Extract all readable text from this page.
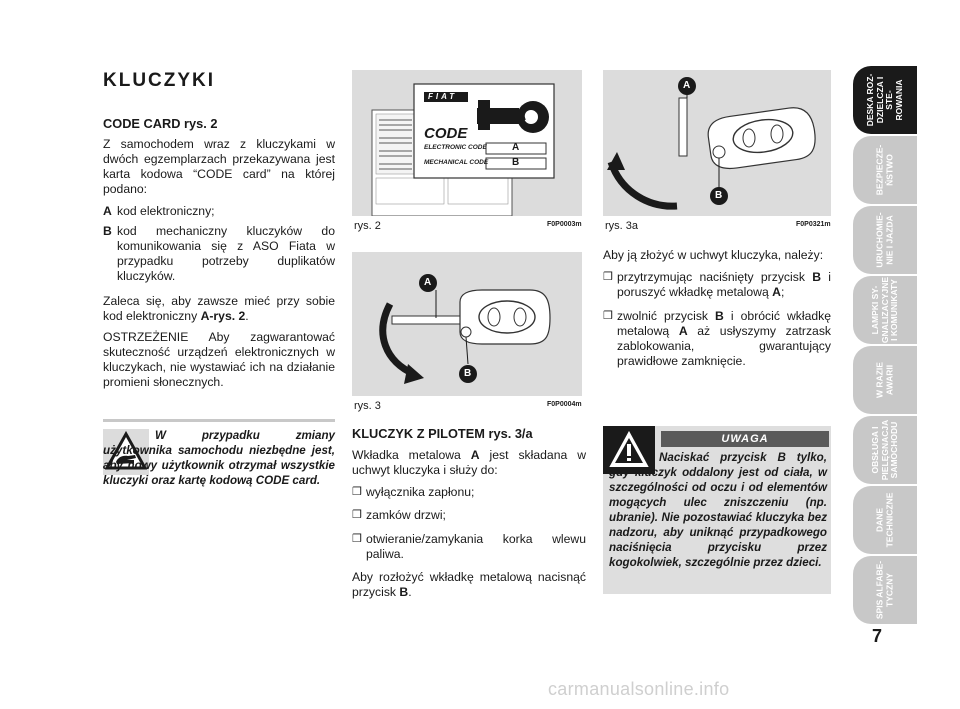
KLUCZYKI
CODE CARD rys. 2
Z samochodem wraz z kluczykami w dwóch egzemplarzach przekazywana jest karta kodowa “CODE card” na której podano:
A kod elektroniczny;
B kod mechaniczny kluczyków do komunikowania się z ASO Fiata w przypadku potrzeby duplikatów kluczyków.
Zaleca się, aby zawsze mieć przy sobie kod elektroniczny A-rys. 2.
OSTRZEŻENIE Aby zagwarantować skuteczność urządzeń elektronicznych w kluczykach, nie wystawiać ich na działanie promieni słonecznych.
W przypadku zmiany użytkownika samochodu niezbędne jest, aby nowy użytkownik otrzymał wszystkie kluczyki oraz kartę kodową CODE card.
FIAT
CODE
ELECTRONIC CODE
MECHANICAL CODE
A
B
rys. 2	F0P0003m
A
B
rys. 3	F0P0004m
KLUCZYK Z PILOTEM rys. 3/a
Wkładka metalowa A jest składana w uchwyt kluczyka i służy do:
❒ wyłącznika zapłonu;
❒ zamków drzwi;
❒ otwieranie/zamykania korka wlewu paliwa.
Aby rozłożyć wkładkę metalową nacisnąć przycisk B.
A
B
rys. 3a	F0P0321m
Aby ją złożyć w uchwyt kluczyka, należy:
❒ przytrzymując naciśnięty przycisk B i poruszyć wkładkę metalową A;
❒ zwolnić przycisk B i obrócić wkładkę metalową A aż usłyszymy zatrzask zablokowania, gwarantujący prawidłowe zamknięcie.
UWAGA
Naciskać przycisk B tylko, gdy kluczyk oddalony jest od ciała, w szczególności od oczu i od elementów mogących ulec zniszczeniu (np. ubranie). Nie pozostawiać kluczyka bez nadzoru, aby uniknąć przypadkowego naciśnięcia przycisku przez kogokolwiek, szczególnie przez dzieci.
DESKA ROZ-
DZIELCZA I STE-
ROWANIA
BEZPIECZE-
ŃSTWO
URUCHOMIE-
NIE I JAZDA
LAMPKI SY-
GNALIZACYJNE
I KOMUNIKATY
W RAZIE
AWARII
OBSŁUGA I
PIELĘGNACJA
SAMOCHODU
DANE
TECHNICZNE
SPIS ALFABE-
TYCZNY
7
carmanualsonline.info
